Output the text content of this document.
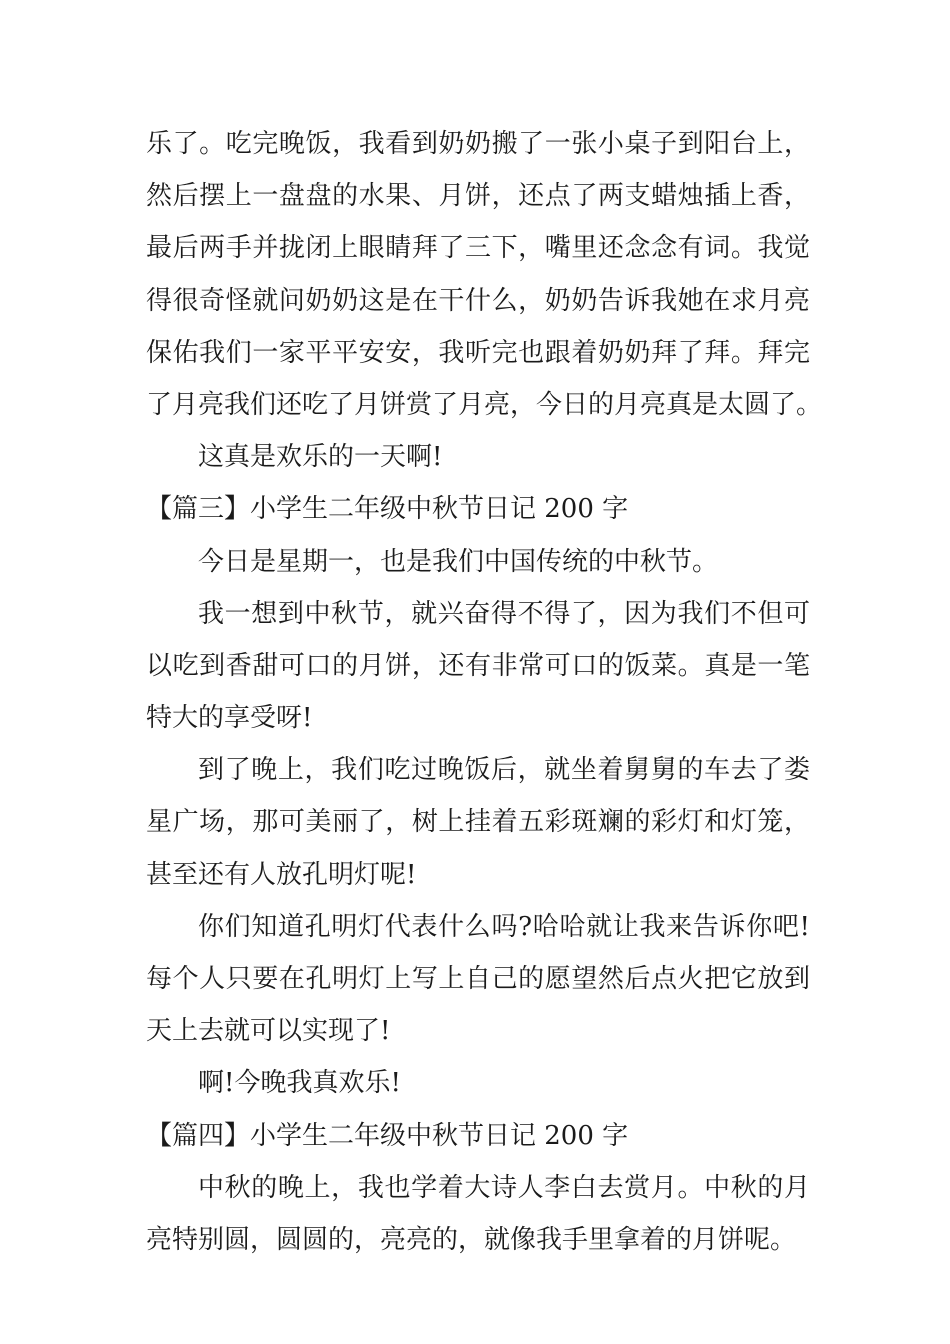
乐了。吃完晚饭，我看到奶奶搬了一张小桌子到阳台上，
然后摆上一盘盘的水果、月饼，还点了两支蜡烛插上香，
最后两手并拢闭上眼睛拜了三下，嘴里还念念有词。我觉
得很奇怪就问奶奶这是在干什么，奶奶告诉我她在求月亮
保佑我们一家平平安安，我听完也跟着奶奶拜了拜。拜完
了月亮我们还吃了月饼赏了月亮，今日的月亮真是太圆了。
这真是欢乐的一天啊!
【篇三】小学生二年级中秋节日记 200 字
今日是星期一，也是我们中国传统的中秋节。
我一想到中秋节，就兴奋得不得了，因为我们不但可
以吃到香甜可口的月饼，还有非常可口的饭菜。真是一笔
特大的享受呀!
到了晚上，我们吃过晚饭后，就坐着舅舅的车去了娄
星广场，那可美丽了，树上挂着五彩斑斓的彩灯和灯笼，
甚至还有人放孔明灯呢!
你们知道孔明灯代表什么吗?哈哈就让我来告诉你吧!
每个人只要在孔明灯上写上自己的愿望然后点火把它放到
天上去就可以实现了!
啊!今晚我真欢乐!
【篇四】小学生二年级中秋节日记 200 字
中秋的晚上，我也学着大诗人李白去赏月。中秋的月
亮特别圆，圆圆的，亮亮的，就像我手里拿着的月饼呢。
